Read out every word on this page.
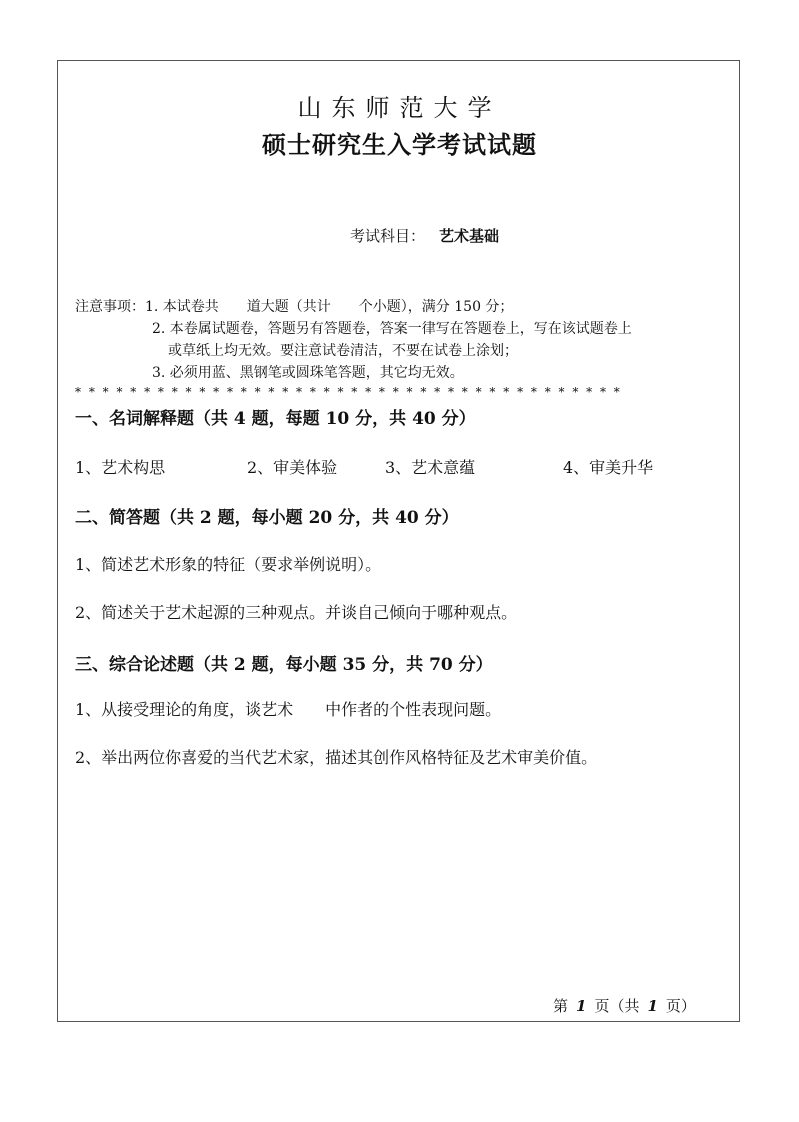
山东师范大学
硕士研究生入学考试试题
考试科目： 艺术基础
注意事项：1. 本试卷共　　道大题（共计　　个小题），满分 150 分；
2. 本卷属试题卷，答题另有答题卷，答案一律写在答题卷上，写在该试题卷上
或草纸上均无效。要注意试卷清洁，不要在试卷上涂划；
3. 必须用蓝、黑钢笔或圆珠笔答题，其它均无效。
* * * * * * * * * * * * * * * * * * * * * * * * * * * * * * * * * * * * * * * *
一、名词解释题（共 4 题，每题 10 分，共 40 分）
1、艺术构思	2、审美体验	3、艺术意蕴	4、审美升华
二、简答题（共 2 题，每小题 20 分，共 40 分）
1、简述艺术形象的特征（要求举例说明）。
2、简述关于艺术起源的三种观点。并谈自己倾向于哪种观点。
三、综合论述题（共 2 题，每小题 35 分，共 70 分）
1、从接受理论的角度，谈艺术　　中作者的个性表现问题。
2、举出两位你喜爱的当代艺术家，描述其创作风格特征及艺术审美价值。
第 1 页（共 1 页）
